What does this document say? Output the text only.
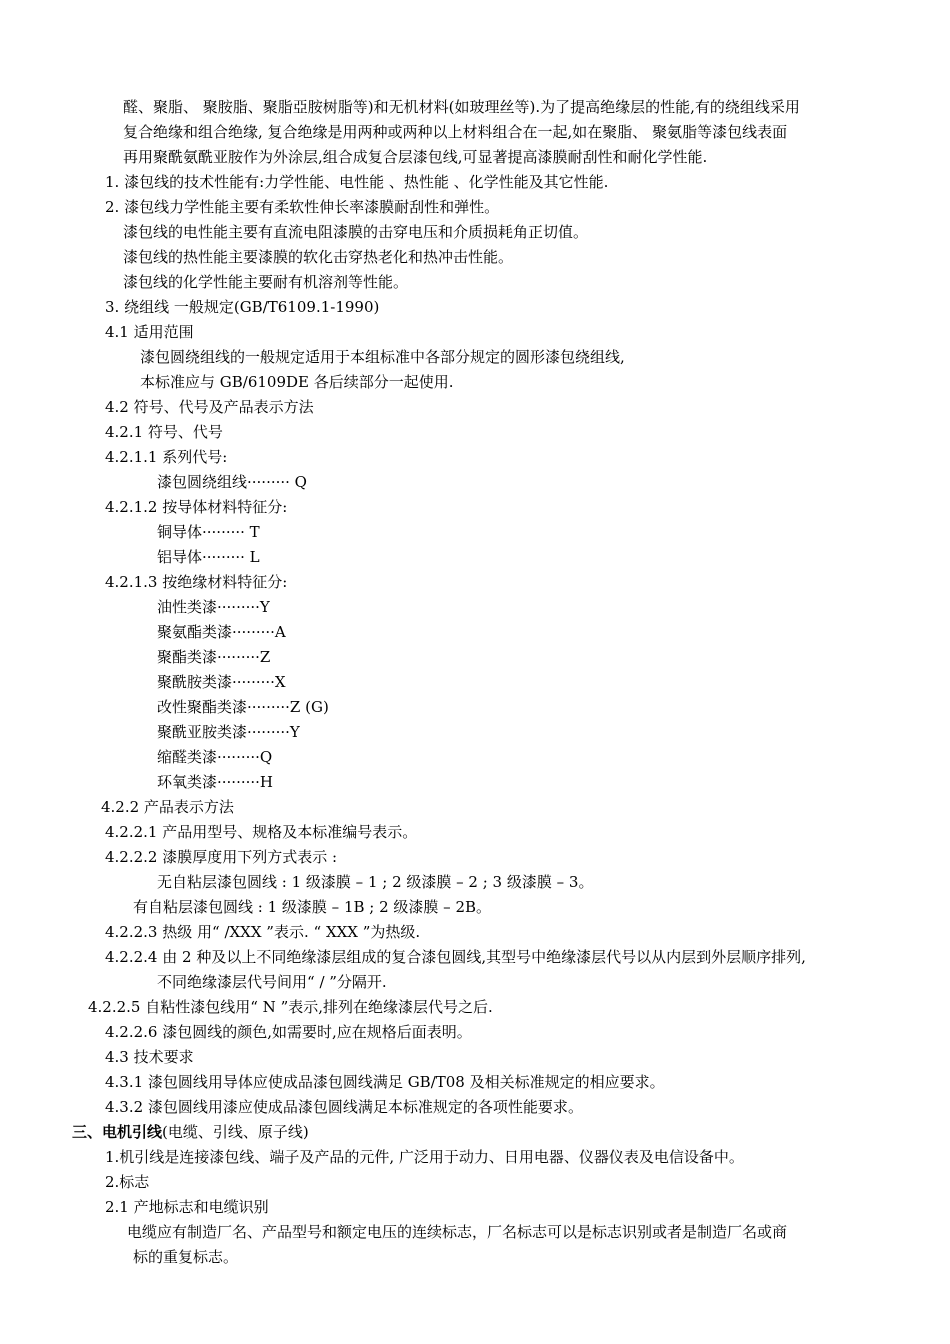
醛、聚脂、 聚胺脂、聚脂亞胺树脂等)和无机材料(如玻理丝等).为了提高绝缘层的性能,有的绕组线采用
复合绝缘和组合绝缘, 复合绝缘是用两种或两种以上材料组合在一起,如在聚脂、 聚氨脂等漆包线表面
再用聚酰氨酰亚胺作为外涂层,组合成复合层漆包线,可显著提高漆膜耐刮性和耐化学性能.
1. 漆包线的技术性能有:力学性能、电性能 、热性能 、化学性能及其它性能.
2. 漆包线力学性能主要有柔软性伸长率漆膜耐刮性和弹性。
漆包线的电性能主要有直流电阻漆膜的击穿电压和介质损耗角正切值。
漆包线的热性能主要漆膜的软化击穿热老化和热冲击性能。
漆包线的化学性能主要耐有机溶剂等性能。
3. 绕组线 一般规定(GB/T6109.1-1990)
4.1 适用范围
漆包圆绕组线的一般规定适用于本组标准中各部分规定的圆形漆包绕组线,
本标准应与 GB/6109DE 各后续部分一起使用.
4.2 符号、代号及产品表示方法
4.2.1 符号、代号
4.2.1.1 系列代号:
漆包圆绕组线········· Q
4.2.1.2 按导体材料特征分:
铜导体········· T
铝导体········· L
4.2.1.3 按绝缘材料特征分:
油性类漆·········Y
聚氨酯类漆·········A
聚酯类漆·········Z
聚酰胺类漆·········X
改性聚酯类漆·········Z (G)
聚酰亚胺类漆·········Y
缩醛类漆·········Q
环氧类漆·········H
4.2.2 产品表示方法
4.2.2.1 产品用型号、规格及本标准编号表示。
4.2.2.2 漆膜厚度用下列方式表示 :
无自粘层漆包圆线 : 1 级漆膜 – 1 ; 2 级漆膜 – 2 ; 3 级漆膜 – 3。
有自粘层漆包圆线 : 1 级漆膜 – 1B ; 2 级漆膜 – 2B。
4.2.2.3 热级 用“ /XXX ”表示. “ XXX ”为热级.
4.2.2.4 由 2 种及以上不同绝缘漆层组成的复合漆包圆线,其型号中绝缘漆层代号以从内层到外层顺序排列,
不同绝缘漆层代号间用“ / ”分隔开.
4.2.2.5 自粘性漆包线用“ N ”表示,排列在绝缘漆层代号之后.
4.2.2.6 漆包圆线的颜色,如需要时,应在规格后面表明。
4.3 技术要求
4.3.1 漆包圆线用导体应使成品漆包圆线满足 GB/T08 及相关标准规定的相应要求。
4.3.2 漆包圆线用漆应使成品漆包圆线满足本标准规定的各项性能要求。
三、电机引线(电缆、引线、原子线)
1.机引线是连接漆包线、端子及产品的元件, 广泛用于动力、日用电器、仪器仪表及电信设备中。
2.标志
2.1 产地标志和电缆识别
电缆应有制造厂名、产品型号和额定电压的连续标志，厂名标志可以是标志识别或者是制造厂名或商
标的重复标志。
